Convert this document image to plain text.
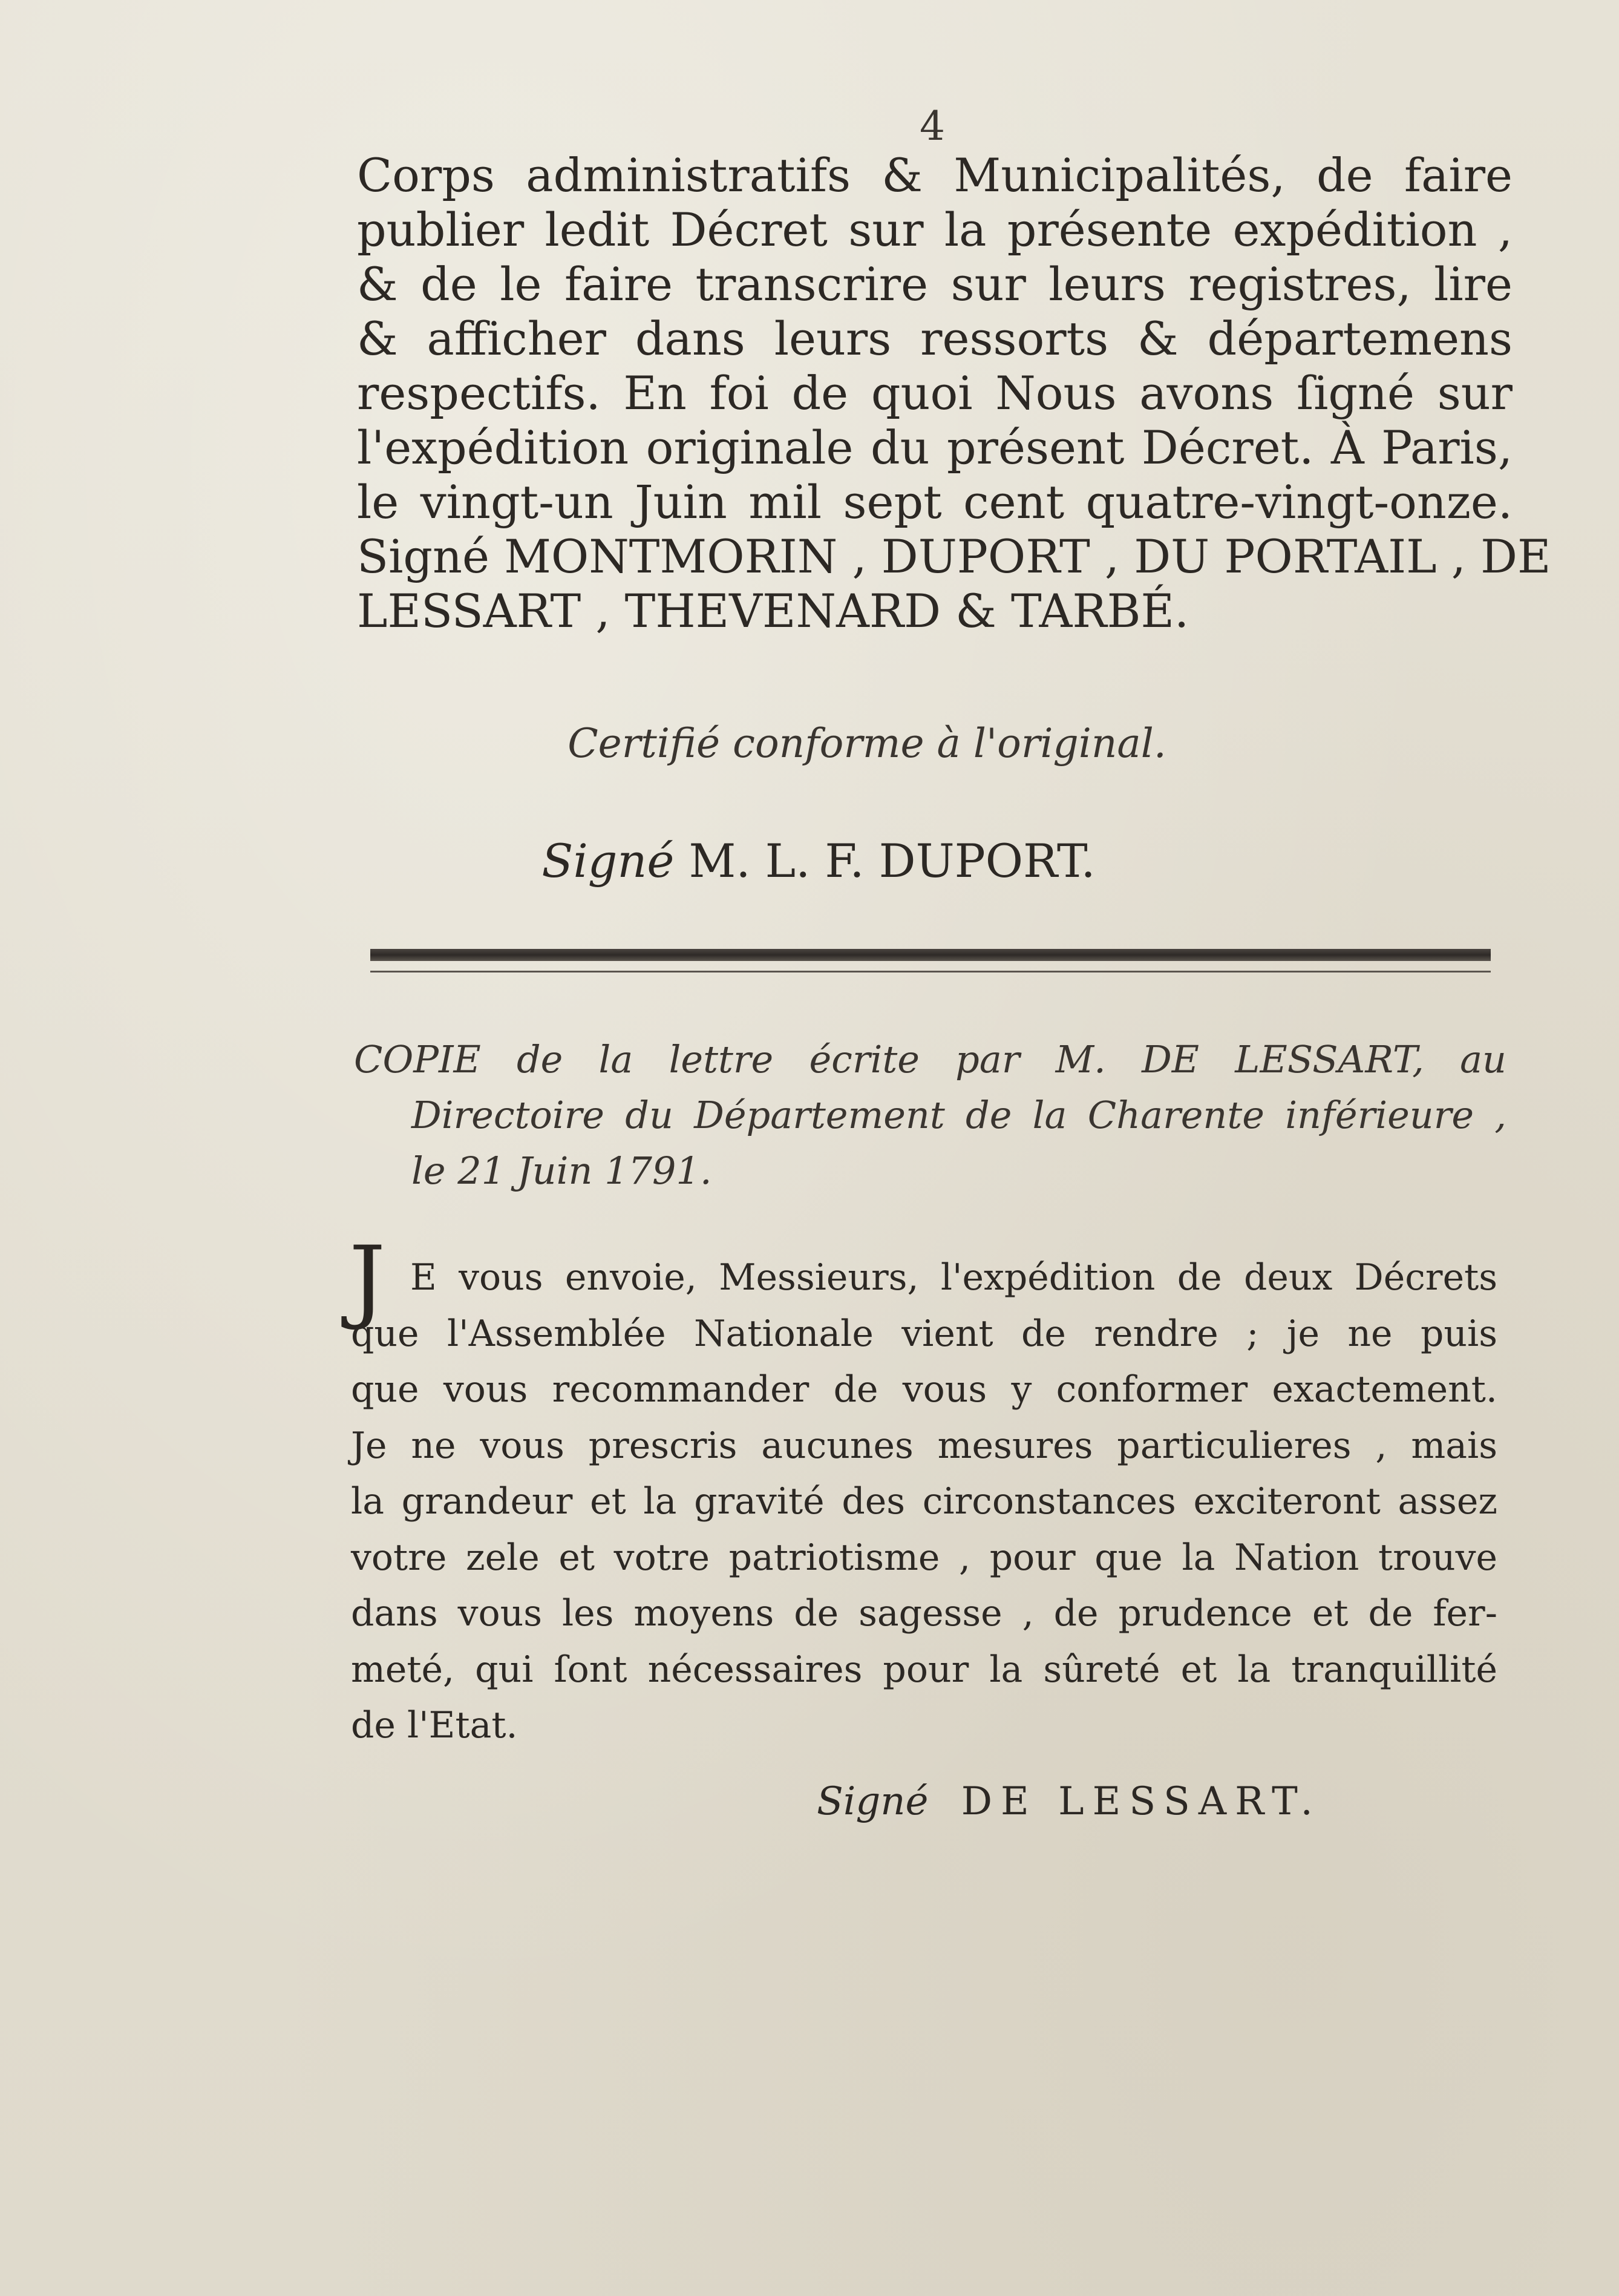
4
Corps administratifs & Municipalités, de faire
publier ledit Décret sur la présente expédition ,
& de le faire transcrire sur leurs registres, lire
& afficher dans leurs ressorts & départemens
respectifs. En foi de quoi Nous avons ſigné sur
l'expédition originale du présent Décret. À Paris,
le vingt-un Juin mil sept cent quatre-vingt-onze.
Signé MONTMORIN , DUPORT , DU PORTAIL , DE
LESSART , THEVENARD & TARBÉ.
Certifié conforme à l'original.
Signé M. L. F. DUPORT.
COPIE de la lettre écrite par M. DE LESSART, au
Directoire du Département de la Charente inférieure ,
le 21 Juin 1791.
J E vous envoie, Messieurs, l'expédition de deux Décrets
que l'Assemblée Nationale vient de rendre ; je ne puis
que vous recommander de vous y conformer exactement.
Je ne vous prescris aucunes mesures particulieres , mais
la grandeur et la gravité des circonstances exciteront assez
votre zele et votre patriotisme , pour que la Nation trouve
dans vous les moyens de sagesse , de prudence et de fer-
meté, qui ſont nécessaires pour la sûreté et la tranquillité
de l'Etat.
Signé DE LESSART.
